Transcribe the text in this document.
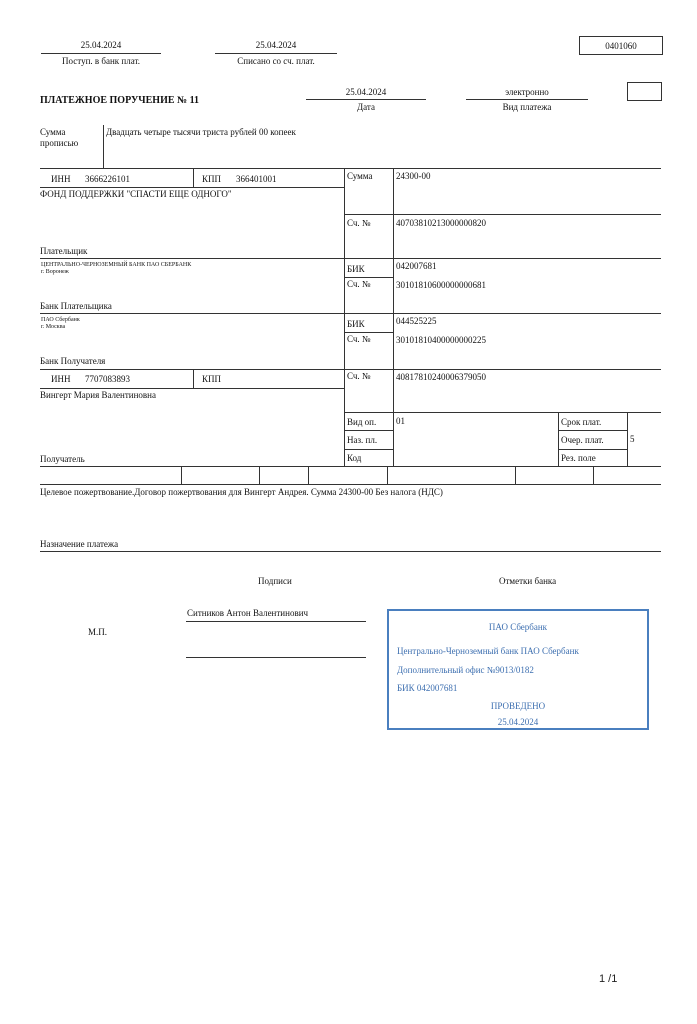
25.04.2024
Поступ. в банк плат.
25.04.2024
Списано со сч. плат.
0401060
ПЛАТЕЖНОЕ ПОРУЧЕНИЕ № 11
25.04.2024
Дата
электронно
Вид платежа
Сумма
прописью
Двадцать четыре тысячи триста рублей 00 копеек
ИНН 3666226101	КПП 366401001
ФОНД ПОДДЕРЖКИ "СПАСТИ ЕЩЕ ОДНОГО"
Сумма	24300-00
Сч. №	40703810213000000820
Плательщик
ЦЕНТРАЛЬНО-ЧЕРНОЗЕМНЫЙ БАНК ПАО СБЕРБАНК
г. Воронеж	БИК	042007681
Сч. №	30101810600000000681
Банк Плательщика
ПАО Сбербанк
г. Москва	БИК	044525225
Сч. №	30101810400000000225
Банк Получателя
ИНН 7707083893	КПП
Вингерт Мария Валентиновна
Сч. №	40817810240006379050
Вид оп. 01
Наз. пл.
Код
Срок плат.
Очер. плат.	5
Рез. поле
Получатель
Целевое пожертвование.Договор пожертвования для Вингерт Андрея. Сумма 24300-00 Без налога (НДС)
Назначение платежа
Подписи	Отметки банка
Ситников Антон Валентинович
М.П.	ПАО Сбербанк
Центрально-Черноземный банк ПАО Сбербанк
Дополнительный офис №9013/0182
БИК 042007681
ПРОВЕДЕНО
25.04.2024
1 /1
